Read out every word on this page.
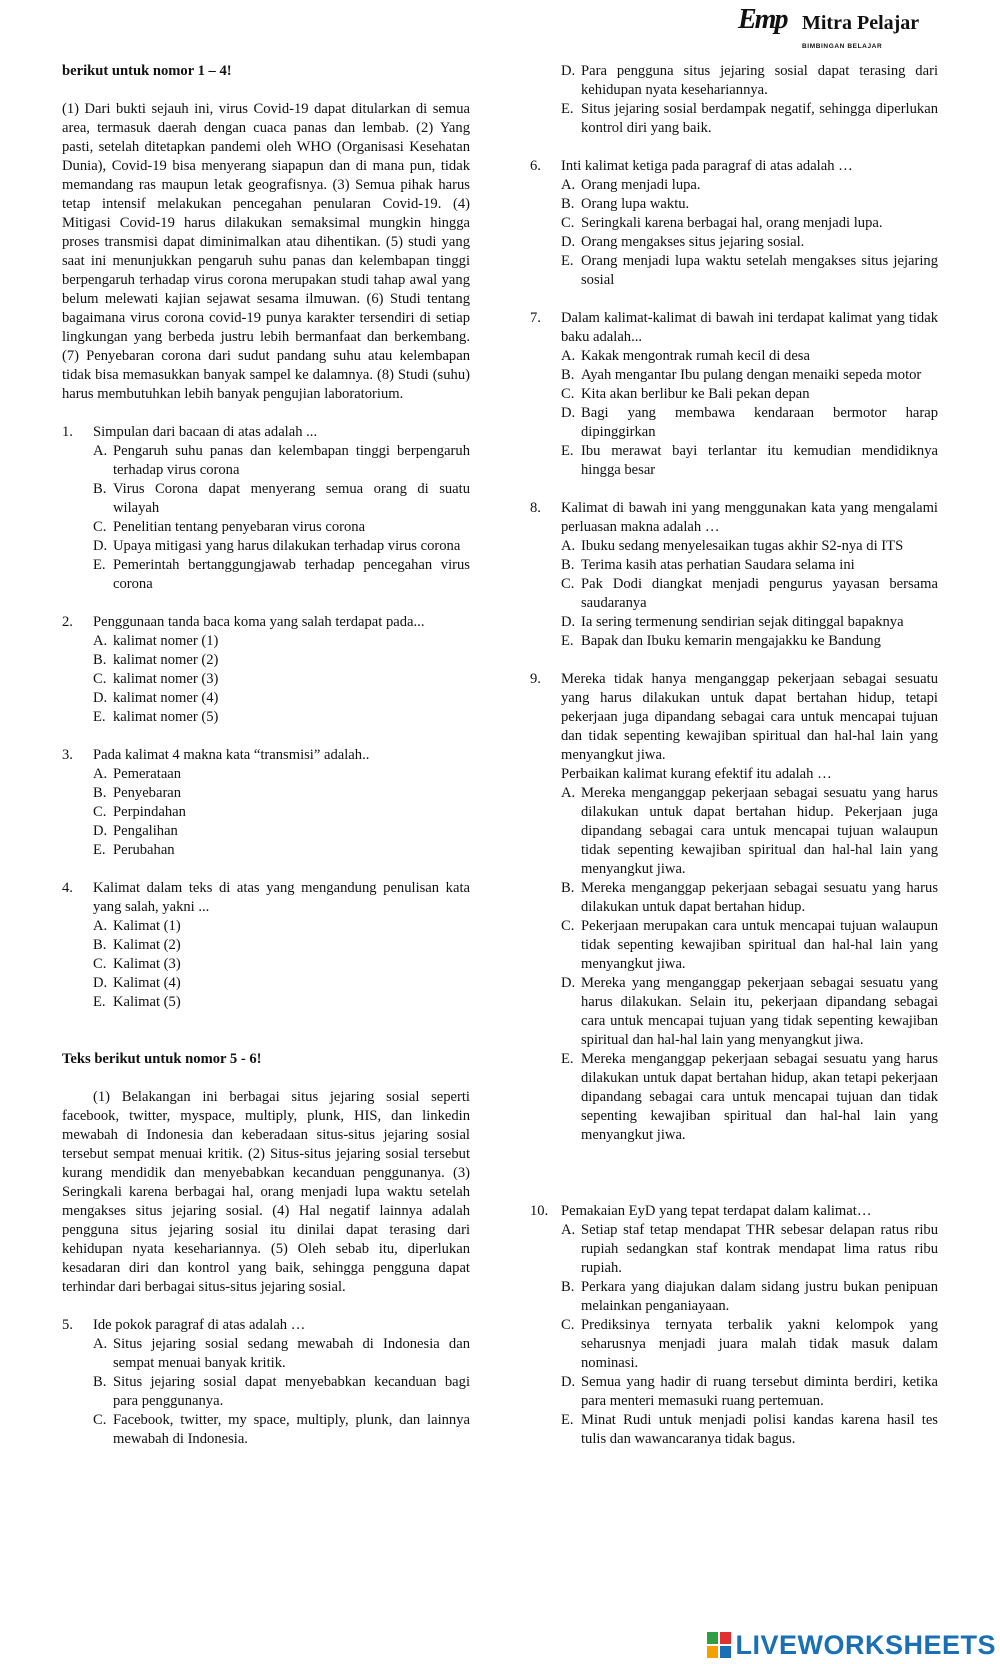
Emp Mitra Pelajar
BIMBINGAN BELAJAR
berikut untuk nomor 1 – 4!
(1) Dari bukti sejauh ini, virus Covid-19 dapat ditularkan di semua area, termasuk daerah dengan cuaca panas dan lembab. (2) Yang pasti, setelah ditetapkan pandemi oleh WHO (Organisasi Kesehatan Dunia), Covid-19 bisa menyerang siapapun dan di mana pun, tidak memandang ras maupun letak geografisnya. (3) Semua pihak harus tetap intensif melakukan pencegahan penularan Covid-19. (4) Mitigasi Covid-19 harus dilakukan semaksimal mungkin hingga proses transmisi dapat diminimalkan atau dihentikan. (5) studi yang saat ini menunjukkan pengaruh suhu panas dan kelembapan tinggi berpengaruh terhadap virus corona merupakan studi tahap awal yang belum melewati kajian sejawat sesama ilmuwan. (6) Studi tentang bagaimana virus corona covid-19 punya karakter tersendiri di setiap lingkungan yang berbeda justru lebih bermanfaat dan berkembang. (7) Penyebaran corona dari sudut pandang suhu atau kelembapan tidak bisa memasukkan banyak sampel ke dalamnya. (8) Studi (suhu) harus membutuhkan lebih banyak pengujian laboratorium.
1.	Simpulan dari bacaan di atas adalah ...
A. Pengaruh suhu panas dan kelembapan tinggi berpengaruh terhadap virus corona
B. Virus Corona dapat menyerang semua orang di suatu wilayah
C. Penelitian tentang penyebaran virus corona
D. Upaya mitigasi yang harus dilakukan terhadap virus corona
E. Pemerintah bertanggungjawab terhadap pencegahan virus corona
2.	Penggunaan tanda baca koma yang salah terdapat pada...
A. kalimat nomer (1)
B. kalimat nomer (2)
C. kalimat nomer (3)
D. kalimat nomer (4)
E. kalimat nomer (5)
3.	Pada kalimat 4 makna kata “transmisi” adalah..
A. Pemerataan
B. Penyebaran
C. Perpindahan
D. Pengalihan
E. Perubahan
4.	Kalimat dalam teks di atas yang mengandung penulisan kata yang salah, yakni ...
A. Kalimat (1)
B. Kalimat (2)
C. Kalimat (3)
D. Kalimat (4)
E. Kalimat (5)
Teks berikut untuk nomor 5 - 6!
(1) Belakangan ini berbagai situs jejaring sosial seperti facebook, twitter, myspace, multiply, plunk, HIS, dan linkedin mewabah di Indonesia dan keberadaan situs-situs jejaring sosial tersebut sempat menuai kritik. (2) Situs-situs jejaring sosial tersebut kurang mendidik dan menyebabkan kecanduan penggunanya. (3) Seringkali karena berbagai hal, orang menjadi lupa waktu setelah mengakses situs jejaring sosial. (4) Hal negatif lainnya adalah pengguna situs jejaring sosial itu dinilai dapat terasing dari kehidupan nyata kesehariannya. (5) Oleh sebab itu, diperlukan kesadaran diri dan kontrol yang baik, sehingga pengguna dapat terhindar dari berbagai situs-situs jejaring sosial.
5.	Ide pokok paragraf di atas adalah …
A. Situs jejaring sosial sedang mewabah di Indonesia dan sempat menuai banyak kritik.
B. Situs jejaring sosial dapat menyebabkan kecanduan bagi para penggunanya.
C. Facebook, twitter, my space, multiply, plunk, dan lainnya mewabah di Indonesia.
D. Para pengguna situs jejaring sosial dapat terasing dari kehidupan nyata kesehariannya.
E. Situs jejaring sosial berdampak negatif, sehingga diperlukan kontrol diri yang baik.
6.	Inti kalimat ketiga pada paragraf di atas adalah …
A. Orang menjadi lupa.
B. Orang lupa waktu.
C. Seringkali karena berbagai hal, orang menjadi lupa.
D. Orang mengakses situs jejaring sosial.
E. Orang menjadi lupa waktu setelah mengakses situs jejaring sosial
7.	Dalam kalimat-kalimat di bawah ini terdapat kalimat yang tidak baku adalah...
A. Kakak mengontrak rumah kecil di desa
B. Ayah mengantar Ibu pulang dengan menaiki sepeda motor
C. Kita akan berlibur ke Bali pekan depan
D. Bagi yang membawa kendaraan bermotor harap dipinggirkan
E. Ibu merawat bayi terlantar itu kemudian mendidiknya hingga besar
8.	Kalimat di bawah ini yang menggunakan kata yang mengalami perluasan makna adalah …
A. Ibuku sedang menyelesaikan tugas akhir S2-nya di ITS
B. Terima kasih atas perhatian Saudara selama ini
C. Pak Dodi diangkat menjadi pengurus yayasan bersama saudaranya
D. Ia sering termenung sendirian sejak ditinggal bapaknya
E. Bapak dan Ibuku kemarin mengajakku ke Bandung
9.	Mereka tidak hanya menganggap pekerjaan sebagai sesuatu yang harus dilakukan untuk dapat bertahan hidup, tetapi pekerjaan juga dipandang sebagai cara untuk mencapai tujuan dan tidak sepenting kewajiban spiritual dan hal-hal lain yang menyangkut jiwa.
Perbaikan kalimat kurang efektif itu adalah …
A. Mereka menganggap pekerjaan sebagai sesuatu yang harus dilakukan untuk dapat bertahan hidup. Pekerjaan juga dipandang sebagai cara untuk mencapai tujuan walaupun tidak sepenting kewajiban spiritual dan hal-hal lain yang menyangkut jiwa.
B. Mereka menganggap pekerjaan sebagai sesuatu yang harus dilakukan untuk dapat bertahan hidup.
C. Pekerjaan merupakan cara untuk mencapai tujuan walaupun tidak sepenting kewajiban spiritual dan hal-hal lain yang menyangkut jiwa.
D. Mereka yang menganggap pekerjaan sebagai sesuatu yang harus dilakukan. Selain itu, pekerjaan dipandang sebagai cara untuk mencapai tujuan yang tidak sepenting kewajiban spiritual dan hal-hal lain yang menyangkut jiwa.
E. Mereka menganggap pekerjaan sebagai sesuatu yang harus dilakukan untuk dapat bertahan hidup, akan tetapi pekerjaan dipandang sebagai cara untuk mencapai tujuan dan tidak sepenting kewajiban spiritual dan hal-hal lain yang menyangkut jiwa.
10. Pemakaian EyD yang tepat terdapat dalam kalimat…
A. Setiap staf tetap mendapat THR sebesar delapan ratus ribu rupiah sedangkan staf kontrak mendapat lima ratus ribu rupiah.
B. Perkara yang diajukan dalam sidang justru bukan penipuan melainkan penganiayaan.
C. Prediksinya ternyata terbalik yakni kelompok yang seharusnya menjadi juara malah tidak masuk dalam nominasi.
D. Semua yang hadir di ruang tersebut diminta berdiri, ketika para menteri memasuki ruang pertemuan.
E. Minat Rudi untuk menjadi polisi kandas karena hasil tes tulis dan wawancaranya tidak bagus.
LIVEWORKSHEETS
